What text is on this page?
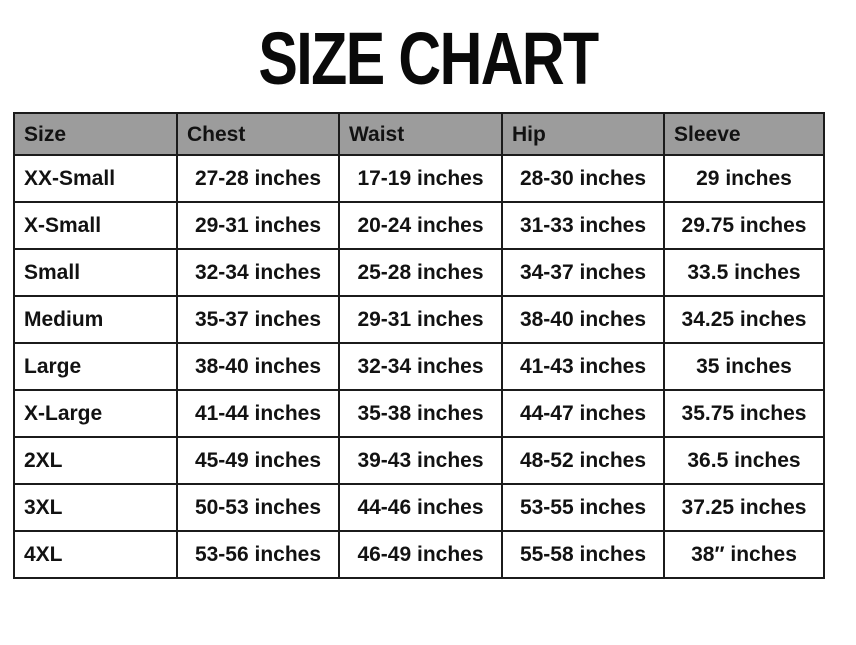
SIZE CHART
Size	Chest	Waist	Hip	Sleeve
XX-Small	27-28 inches	17-19 inches	28-30 inches	29 inches
X-Small	29-31 inches	20-24 inches	31-33 inches	29.75 inches
Small	32-34 inches	25-28 inches	34-37 inches	33.5 inches
Medium	35-37 inches	29-31 inches	38-40 inches	34.25 inches
Large	38-40 inches	32-34 inches	41-43 inches	35 inches
X-Large	41-44 inches	35-38 inches	44-47 inches	35.75 inches
2XL	45-49 inches	39-43 inches	48-52 inches	36.5 inches
3XL	50-53 inches	44-46 inches	53-55 inches	37.25 inches
4XL	53-56 inches	46-49 inches	55-58 inches	38″ inches
